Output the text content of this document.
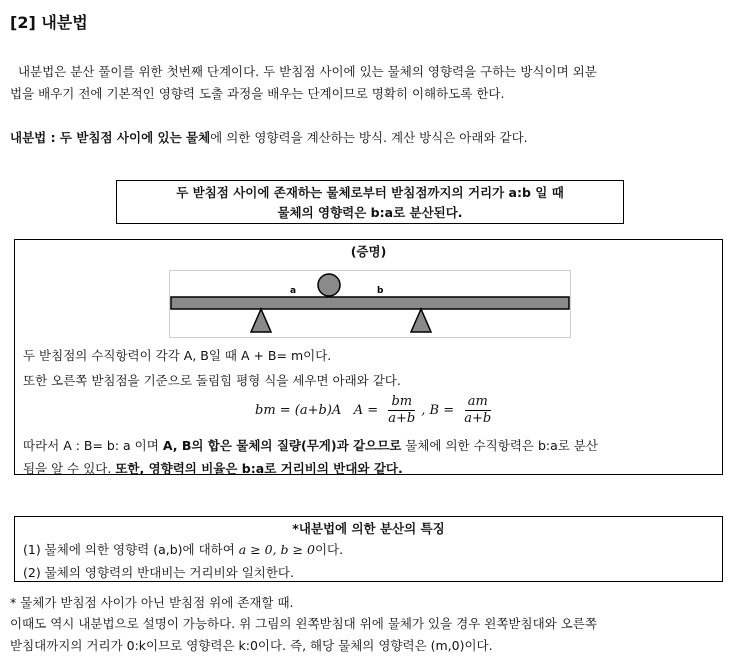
[2] 내분법
내분법은 분산 풀이를 위한 첫번째 단계이다. 두 받침점 사이에 있는 물체의 영향력을 구하는 방식이며 외분
법을 배우기 전에 기본적인 영향력 도출 과정을 배우는 단계이므로 명확히 이해하도록 한다.
내분법 : 두 받침점 사이에 있는 물체에 의한 영향력을 계산하는 방식. 계산 방식은 아래와 같다.
두 받침점 사이에 존재하는 물체로부터 받침점까지의 거리가 a:b 일 때
물체의 영향력은 b:a로 분산된다.
(증명)
a	b
두 받침점의 수직항력이 각각 A, B일 때 A + B= m이다.
또한 오른쪽 받침점을 기준으로 돌림힘 평형 식을 세우면 아래와 같다.
bm = (a+b)A $A = \frac{bm}{a+b}$ , $B = \frac{am}{a+b}$
따라서 A : B= b: a 이며 A, B의 합은 물체의 질량(무게)과 같으므로 물체에 의한 수직항력은 b:a로 분산
됨을 알 수 있다. 또한, 영향력의 비율은 b:a로 거리비의 반대와 같다.
*내분법에 의한 분산의 특징
(1) 물체에 의한 영향력 (a,b)에 대하여 a ≥ 0, b ≥ 0이다.
(2) 물체의 영향력의 반대비는 거리비와 일치한다.
* 물체가 받침점 사이가 아닌 받침점 위에 존재할 때.
이때도 역시 내분법으로 설명이 가능하다. 위 그림의 왼쪽받침대 위에 물체가 있을 경우 왼쪽받침대와 오른쪽
받침대까지의 거리가 0:k이므로 영향력은 k:0이다. 즉, 해당 물체의 영향력은 (m,0)이다.
